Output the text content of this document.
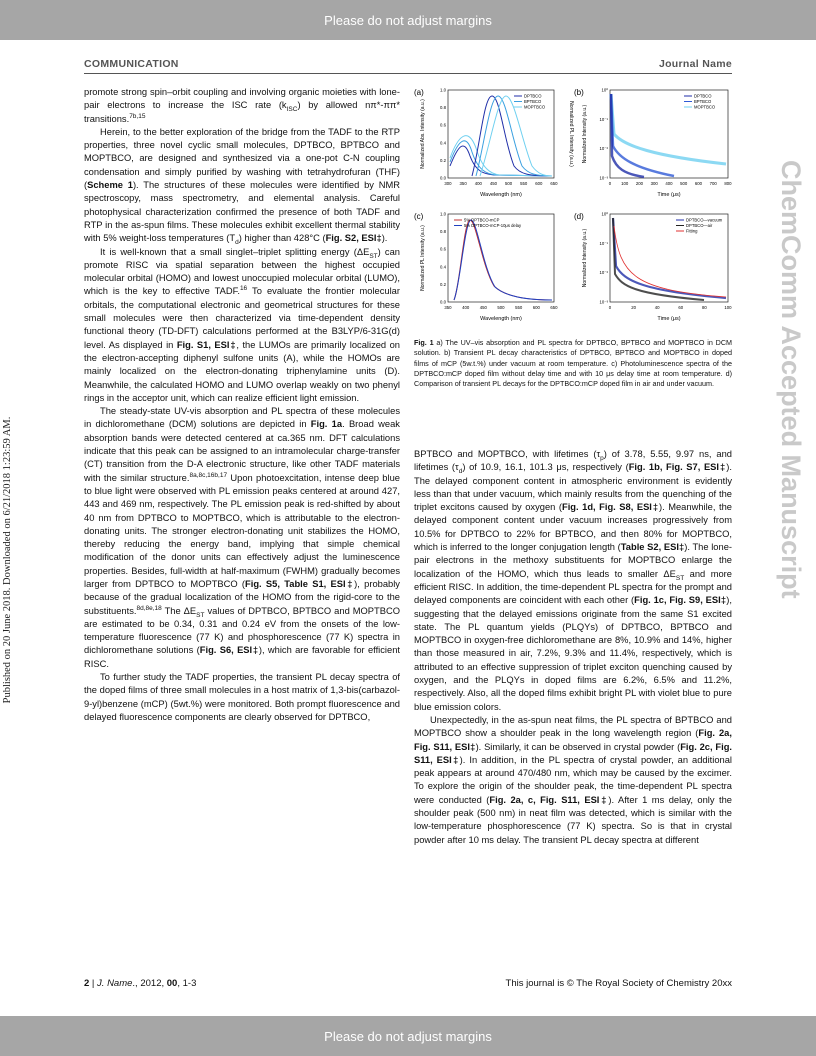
Please do not adjust margins
COMMUNICATION	Journal Name
Published on 20 June 2018. Downloaded on 6/21/2018 1:23:59 AM.	ChemComm Accepted Manuscript

promote strong spin–orbit coupling and involving organic moieties with lone-pair electrons to increase the ISC rate $(k_{ISC})$ by allowed nπ*-ππ* transitions.$^{7b,15}$

Herein, to the better exploration of the bridge from the TADF to the RTP properties, three novel cyclic small molecules, DPTBCO, BPTBCO and MOPTBCO, are designed and synthesized via a one-pot C-N coupling condensation and simply purified by washing with tetrahydrofuran (THF) (Scheme 1). The structures of these molecules were identified by NMR spectroscopy, mass spectrometry, and elemental analysis. Careful photophysical characterization confirmed the presence of both TADF and RTP in the as-spun films. These molecules exhibit excellent thermal stability with 5% weight-loss temperatures $(T_d)$ higher than 428°C (Fig. S2, ESI‡).

It is well-known that a small singlet–triplet splitting energy $(\Delta E_{ST})$ can promote RISC via spatial separation between the highest occupied molecular orbital (HOMO) and lowest unoccupied molecular orbital (LUMO), which is the key to effective TADF.$^{16}$ To evaluate the frontier molecular orbitals, the computational electronic and geometrical structures for these small molecules were then characterized via time-dependent density functional theory (TD-DFT) calculations performed at the B3LYP/6-31G(d) level. As displayed in Fig. S1, ESI‡, the LUMOs are primarily localized on the electron-accepting diphenyl sulfone units (A), while the HOMOs are mainly localized on the electron-donating triphenylamine units (D). Meanwhile, the calculated HOMO and LUMO overlap weakly on two phenyl rings in the acceptor unit, which can realize efficient light emission.

The steady-state UV-vis absorption and PL spectra of these molecules in dichloromethane (DCM) solutions are depicted in Fig. 1a. Broad weak absorption bands were detected centered at ca.365 nm. DFT calculations indicate that this peak can be assigned to an intramolecular charge-transfer (CT) transition from the D-A electronic structure, like other TADF materials with the similar structure.$^{8a,8c,16b,17}$ Upon photoexcitation, intense deep blue to blue light were observed with PL emission peaks centered at around 427, 443 and 469 nm, respectively. The PL emission peak is red-shifted by about 40 nm from DPTBCO to MOPTBCO, which is attributable to the electron-donating units. The stronger electron-donating unit stabilizes the HOMO, thereby reducing the energy band, implying that simple chemical modification of the donor units can effectively adjust the luminescence properties. Besides, full-width at half-maximum (FWHM) gradually becomes larger from DPTBCO to MOPTBCO (Fig. S5, Table S1, ESI‡), probably because of the gradual localization of the HOMO from the rigid-core to the substituents.$^{8d,8e,18}$ The $\Delta E_{ST}$ values of DPTBCO, BPTBCO and MOPTBCO are estimated to be 0.34, 0.31 and 0.24 eV from the onsets of the low-temperature fluorescence (77 K) and phosphorescence (77 K) spectra in dichloromethane solutions (Fig. S6, ESI‡), which are favorable for efficient RISC.

To further study the TADF properties, the transient PL decay spectra of the doped films of three small molecules in a host matrix of 1,3-bis(carbazol-9-yl)benzene (mCP) (5wt.%) were monitored. Both prompt fluorescence and delayed fluorescence components are clearly observed for DPTBCO,

(a)
Normalized Abs. Intensity (a.u.)	Normalized PL Intensity (a.u.)
Wavelength (nm)
300 350 400 450 500 550 600 650
0.0
0.2
0.4
0.6
0.8
1.0
DPTBCO
BPTBCO
MOPTBCO
(b)
Normalized Intensity (a.u.)
Time (μs)
0 100 200 300 400 500 600 700 800
10⁰
10⁻¹
10⁻²
10⁻³
DPTBCO
BPTBCO
MOPTBCO
(c)
Normalized PL Intensity (a.u.)
Wavelength (nm)
350 400 450 500 550 600 650
0.0
0.2
0.4
0.6
0.8
1.0
5% DPTBCO-mCP
5% DPTBCO-mCP-10μs delay
(d)
Normalized Intensity (a.u.)
Time (μs)
0	20	40	60	80	100
10⁰
10⁻¹
10⁻²
10⁻³
DPTBCO—vacuum
DPTBCO—air
Fitting
Fig. 1 a) The UV–vis absorption and PL spectra for DPTBCO, BPTBCO and MOPTBCO in DCM solution. b) Transient PL decay characteristics of DPTBCO, BPTBCO and MOPTBCO in doped films of mCP (5w.t.%) under vacuum at room temperature. c) Photoluminescence spectra of the DPTBCO:mCP doped film without delay time and with 10 μs delay time at room temperature. d) Comparison of transient PL decays for the DPTBCO:mCP doped film in air and under vacuum.

BPTBCO and MOPTBCO, with lifetimes $(\tau_p)$ of 3.78, 5.55, 9.97 ns, and lifetimes $(\tau_d)$ of 10.9, 16.1, 101.3 μs, respectively (Fig. 1b, Fig. S7, ESI‡). The delayed component content in atmospheric environment is evidently less than that under vacuum, which mainly results from the quenching of the triplet excitons caused by oxygen (Fig. 1d, Fig. S8, ESI‡). Meanwhile, the delayed component content under vacuum increases progressively from 10.5% for DPTBCO to 22% for BPTBCO, and then 80% for MOPTBCO, which is inferred to the longer conjugation length (Table S2, ESI‡). The lone-pair electrons in the methoxy substituents for MOPTBCO enlarge the localization of the HOMO, which thus leads to smaller $\Delta E_{ST}$ and more efficient RISC. In addition, the time-dependent PL spectra for the prompt and delayed components are coincident with each other (Fig. 1c, Fig. S9, ESI‡), suggesting that the delayed emissions originate from the same S1 excited state. The PL quantum yields (PLQYs) of DPTBCO, BPTBCO and MOPTBCO in oxygen-free dichloromethane are 8%, 10.9% and 14%, higher than those measured in air, 7.2%, 9.3% and 11.4%, respectively, which is attributed to an effective suppression of triplet exciton quenching caused by oxygen, and the PLQYs in doped films are 6.2%, 6.5% and 11.2%, respectively. Also, all the doped films exhibit bright PL with violet blue to pure blue emission colors.

Unexpectedly, in the as-spun neat films, the PL spectra of BPTBCO and MOPTBCO show a shoulder peak in the long wavelength region (Fig. 2a, Fig. S11, ESI‡). Similarly, it can be observed in crystal powder (Fig. 2c, Fig. S11, ESI‡). In addition, in the PL spectra of crystal powder, an additional peak appears at around 470/480 nm, which may be caused by the excimer. To explore the origin of the shoulder peak, the time-dependent PL spectra were conducted (Fig. 2a, c, Fig. S11, ESI‡). After 1 ms delay, only the shoulder peak (500 nm) in neat film was detected, which is similar with the low-temperature phosphorescence (77 K) spectra. So is that in crystal powder after 10 ms delay. The transient PL decay spectra at different

2 | J. Name., 2012, 00, 1-3	This journal is © The Royal Society of Chemistry 20xx
Please do not adjust margins
